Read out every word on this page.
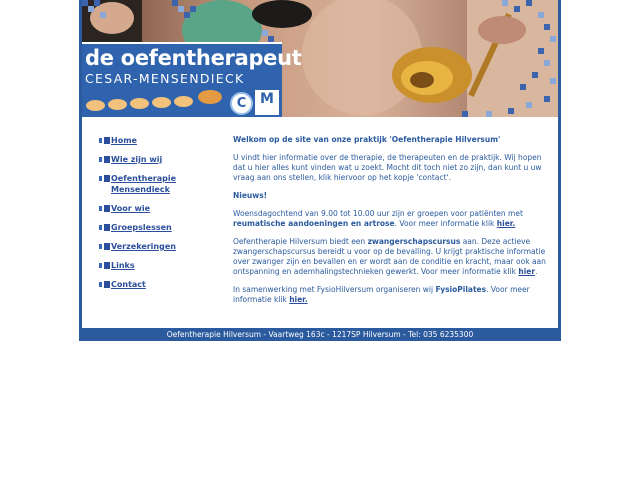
de oefentherapeut
CESAR-MENSENDIECK
C M
Home
Wie zijn wij
Oefentherapie Mensendieck
Voor wie
Groepslessen
Verzekeringen
Links
Contact

Welkom op de site van onze praktijk 'Oefentherapie Hilversum'

U vindt hier informatie over de therapie, de therapeuten en de praktijk. Wij hopen dat u hier alles kunt vinden wat u zoekt. Mocht dit toch niet zo zijn, dan kunt u uw vraag aan ons stellen, klik hiervoor op het kopje 'contact'.

Nieuws!

Woensdagochtend van 9.00 tot 10.00 uur zijn er groepen voor patiënten met reumatische aandoeningen en artrose. Voor meer informatie klik hier.

Oefentherapie Hilversum biedt een zwangerschapscursus aan. Deze actieve zwangerschapscursus bereidt u voor op de bevalling. U krijgt praktische informatie over zwanger zijn en bevallen en er wordt aan de conditie en kracht, maar ook aan ontspanning en ademhalingstechnieken gewerkt. Voor meer informatie klik hier.

In samenwerking met FysioHilversum organiseren wij FysioPilates. Voor meer informatie klik hier.

Oefentherapie Hilversum - Vaartweg 163c - 1217SP Hilversum - Tel: 035 6235300
